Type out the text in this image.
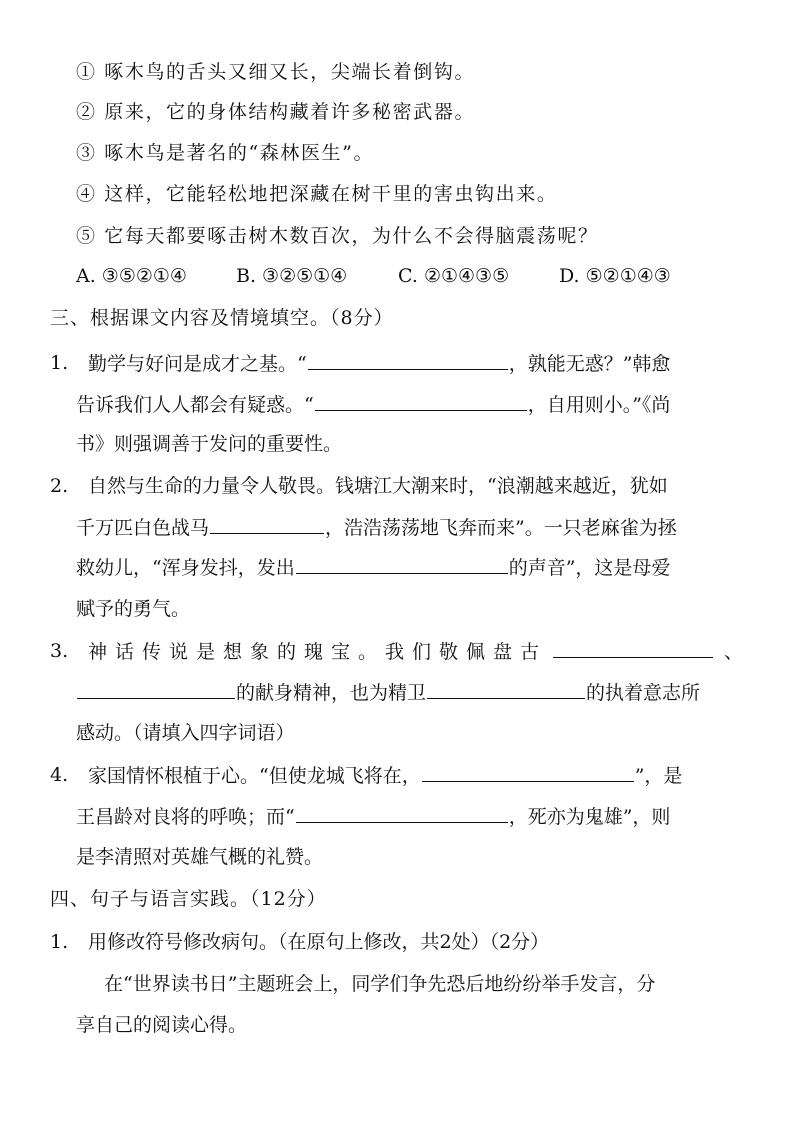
① 啄木鸟的舌头又细又长，尖端长着倒钩。
② 原来，它的身体结构藏着许多秘密武器。
③ 啄木鸟是著名的“森林医生”。
④ 这样，它能轻松地把深藏在树干里的害虫钩出来。
⑤ 它每天都要啄击树木数百次，为什么不会得脑震荡呢？
A. ③⑤②①④	B. ③②⑤①④	C. ②①④③⑤	D. ⑤②①④③
三、根据课文内容及情境填空。（8分）
1. 勤学与好问是成才之基。“	，孰能无惑？”韩愈
告诉我们人人都会有疑惑。“	，自用则小。”《尚
书》则强调善于发问的重要性。
2. 自然与生命的力量令人敬畏。钱塘江大潮来时，“浪潮越来越近，犹如
千万匹白色战马	，浩浩荡荡地飞奔而来”。一只老麻雀为拯
救幼儿，“浑身发抖，发出	的声音”，这是母爱
赋予的勇气。
3. 神话传说是想象的瑰宝。我们敬佩盘古	、
的献身精神，也为精卫	的执着意志所
感动。（请填入四字词语）
4. 家国情怀根植于心。“但使龙城飞将在，	”，是
王昌龄对良将的呼唤；而“	，死亦为鬼雄”，则
是李清照对英雄气概的礼赞。
四、句子与语言实践。（12分）
1. 用修改符号修改病句。（在原句上修改，共2处）（2分）
在“世界读书日”主题班会上，同学们争先恐后地纷纷举手发言，分
享自己的阅读心得。
